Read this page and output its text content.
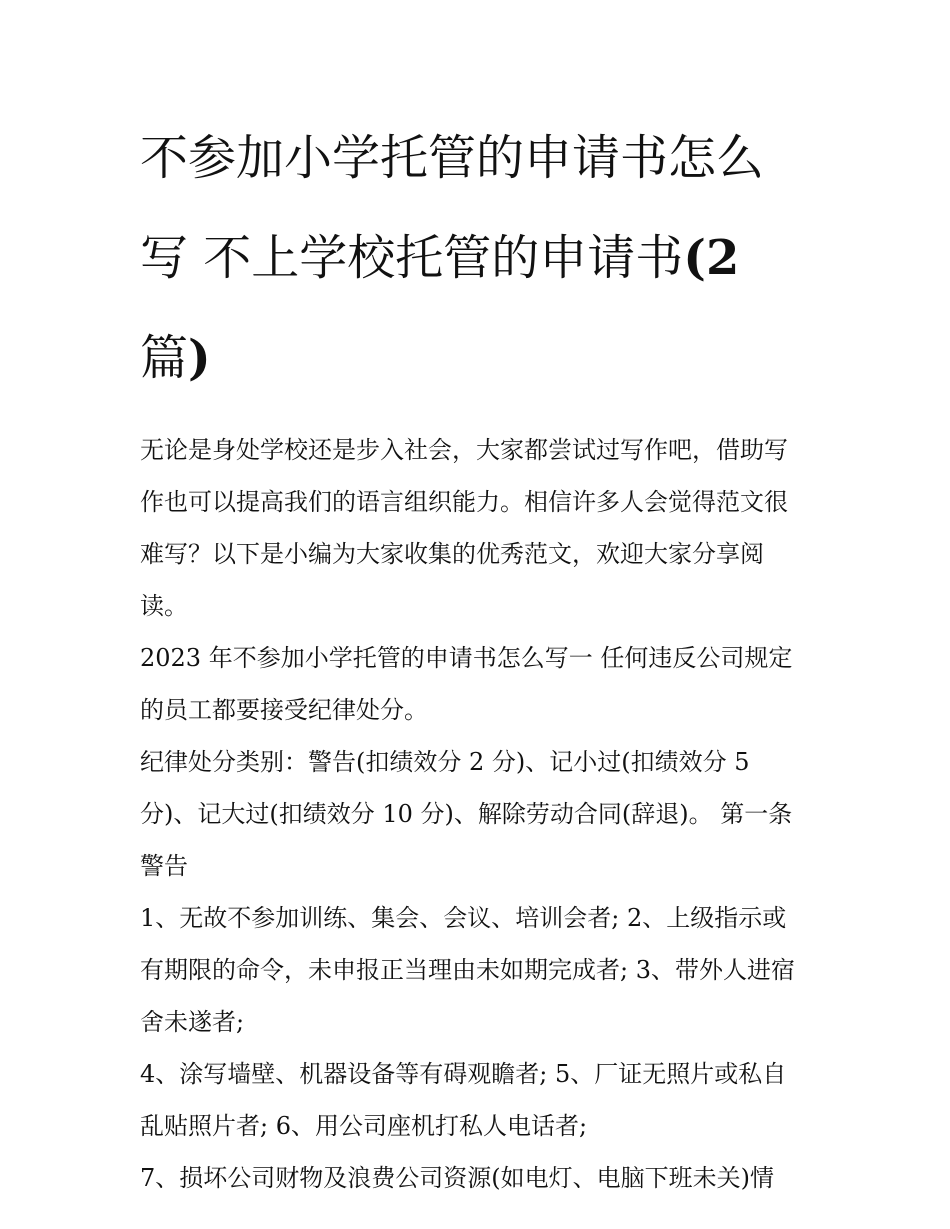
不参加小学托管的申请书怎么
写 不上学校托管的申请书(2
篇)

无论是身处学校还是步入社会，大家都尝试过写作吧，借助写
作也可以提高我们的语言组织能力。相信许多人会觉得范文很
难写？以下是小编为大家收集的优秀范文，欢迎大家分享阅
读。

2023 年不参加小学托管的申请书怎么写一 任何违反公司规定
的员工都要接受纪律处分。

纪律处分类别：警告(扣绩效分 2 分)、记小过(扣绩效分 5
分)、记大过(扣绩效分 10 分)、解除劳动合同(辞退)。 第一条
警告

1、无故不参加训练、集会、会议、培训会者; 2、上级指示或
有期限的命令，未申报正当理由未如期完成者; 3、带外人进宿
舍未遂者;

4、涂写墙壁、机器设备等有碍观瞻者; 5、厂证无照片或私自
乱贴照片者; 6、用公司座机打私人电话者;

7、损坏公司财物及浪费公司资源(如电灯、电脑下班未关)情
